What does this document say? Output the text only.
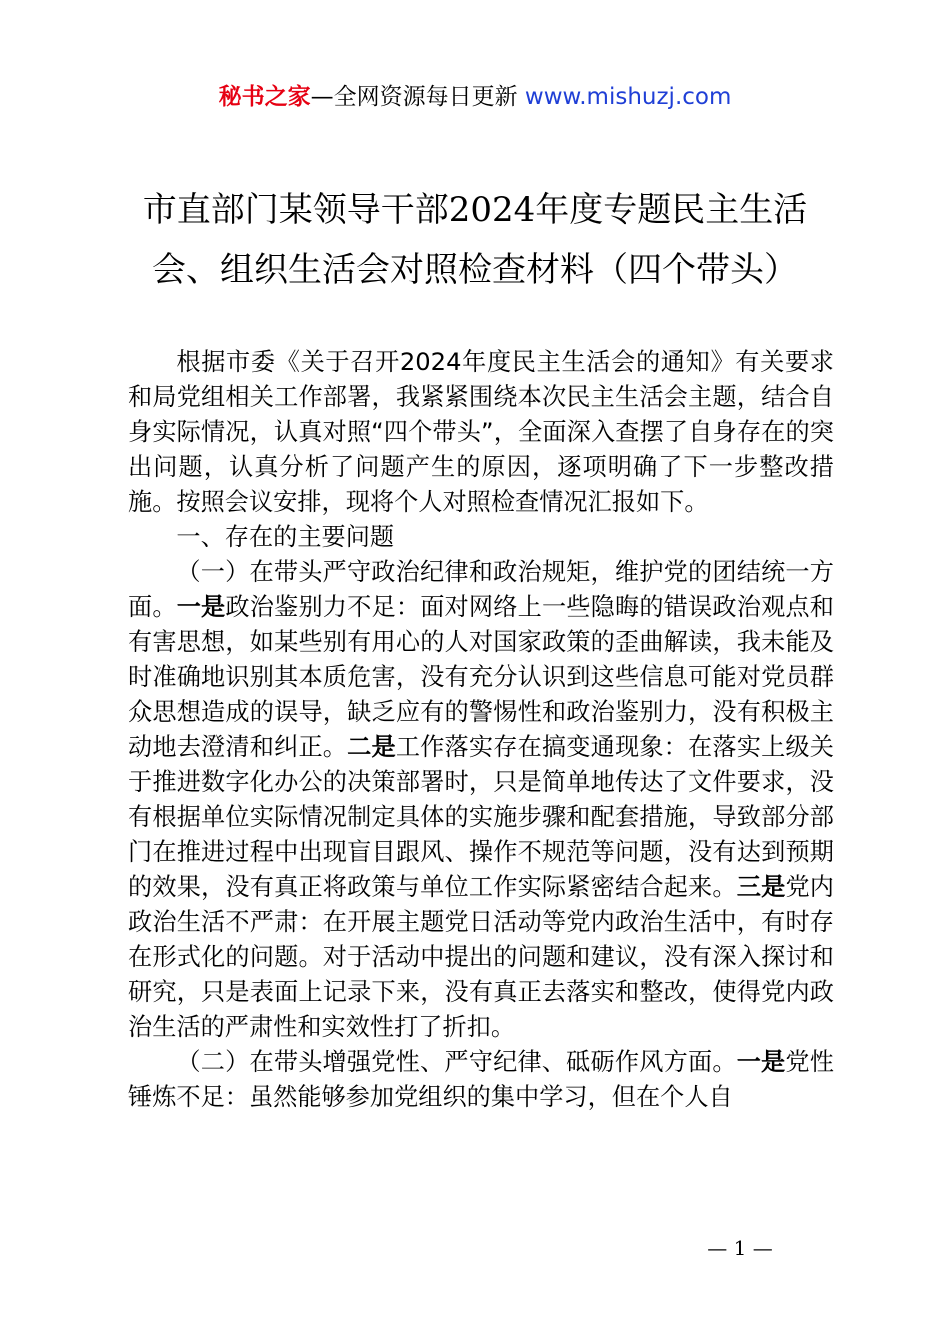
秘书之家—全网资源每日更新 www.mishuzj.com
市直部门某领导干部2024年度专题民主生活会、组织生活会对照检查材料（四个带头）

根据市委《关于召开2024年度民主生活会的通知》有关要求和局党组相关工作部署，我紧紧围绕本次民主生活会主题，结合自身实际情况，认真对照“四个带头”，全面深入查摆了自身存在的突出问题，认真分析了问题产生的原因，逐项明确了下一步整改措施。按照会议安排，现将个人对照检查情况汇报如下。

一、存在的主要问题

（一）在带头严守政治纪律和政治规矩，维护党的团结统一方面。一是政治鉴别力不足：面对网络上一些隐晦的错误政治观点和有害思想，如某些别有用心的人对国家政策的歪曲解读，我未能及时准确地识别其本质危害，没有充分认识到这些信息可能对党员群众思想造成的误导，缺乏应有的警惕性和政治鉴别力，没有积极主动地去澄清和纠正。二是工作落实存在搞变通现象：在落实上级关于推进数字化办公的决策部署时，只是简单地传达了文件要求，没有根据单位实际情况制定具体的实施步骤和配套措施，导致部分部门在推进过程中出现盲目跟风、操作不规范等问题，没有达到预期的效果，没有真正将政策与单位工作实际紧密结合起来。三是党内政治生活不严肃：在开展主题党日活动等党内政治生活中，有时存在形式化的问题。对于活动中提出的问题和建议，没有深入探讨和研究，只是表面上记录下来，没有真正去落实和整改，使得党内政治生活的严肃性和实效性打了折扣。

（二）在带头增强党性、严守纪律、砥砺作风方面。一是党性锤炼不足：虽然能够参加党组织的集中学习，但在个人自

— 1 —
